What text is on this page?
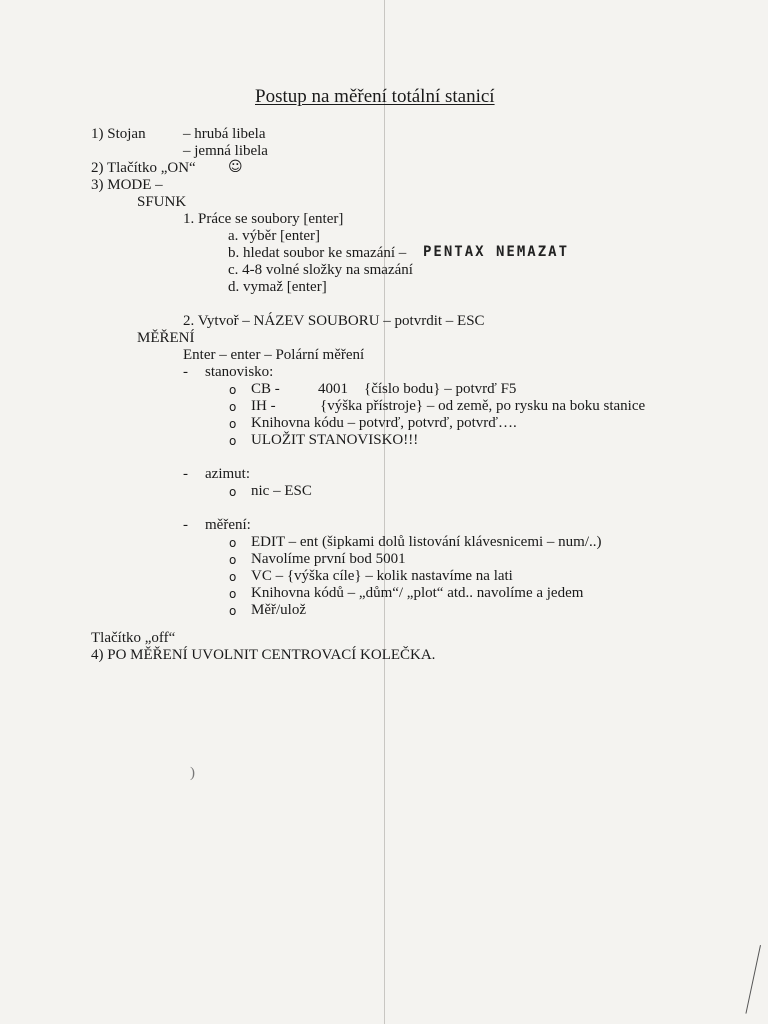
Postup na měření totální stanicí
1) Stojan – hrubá libela
– jemná libela
2) Tlačítko „ON“ ☺
3) MODE –
SFUNK
1. Práce se soubory [enter]
a. výběr [enter]
b. hledat soubor ke smazání – PENTAX NEMAZAT
c. 4-8 volné složky na smazání
d. vymaž [enter]
2. Vytvoř – NÁZEV SOUBORU – potvrdit – ESC
MĚŘENÍ
Enter – enter – Polární měření
- stanovisko:
o CB -	4001 {číslo bodu} – potvrď F5
o IH -	{výška přístroje} – od země, po rysku na boku stanice
o Knihovna kódu – potvrď, potvrď, potvrď….
o ULOŽIT STANOVISKO!!!
- azimut:
o nic – ESC
- měření:
o EDIT – ent (šipkami dolů listování klávesnicemi – num/..)
o Navolíme první bod 5001
o VC – {výška cíle} – kolik nastavíme na lati
o Knihovna kódů – „dům“/ „plot“ atd.. navolíme a jedem
o Měř/ulož
Tlačítko „off“
4) PO MĚŘENÍ UVOLNIT CENTROVACÍ KOLEČKA.
)
